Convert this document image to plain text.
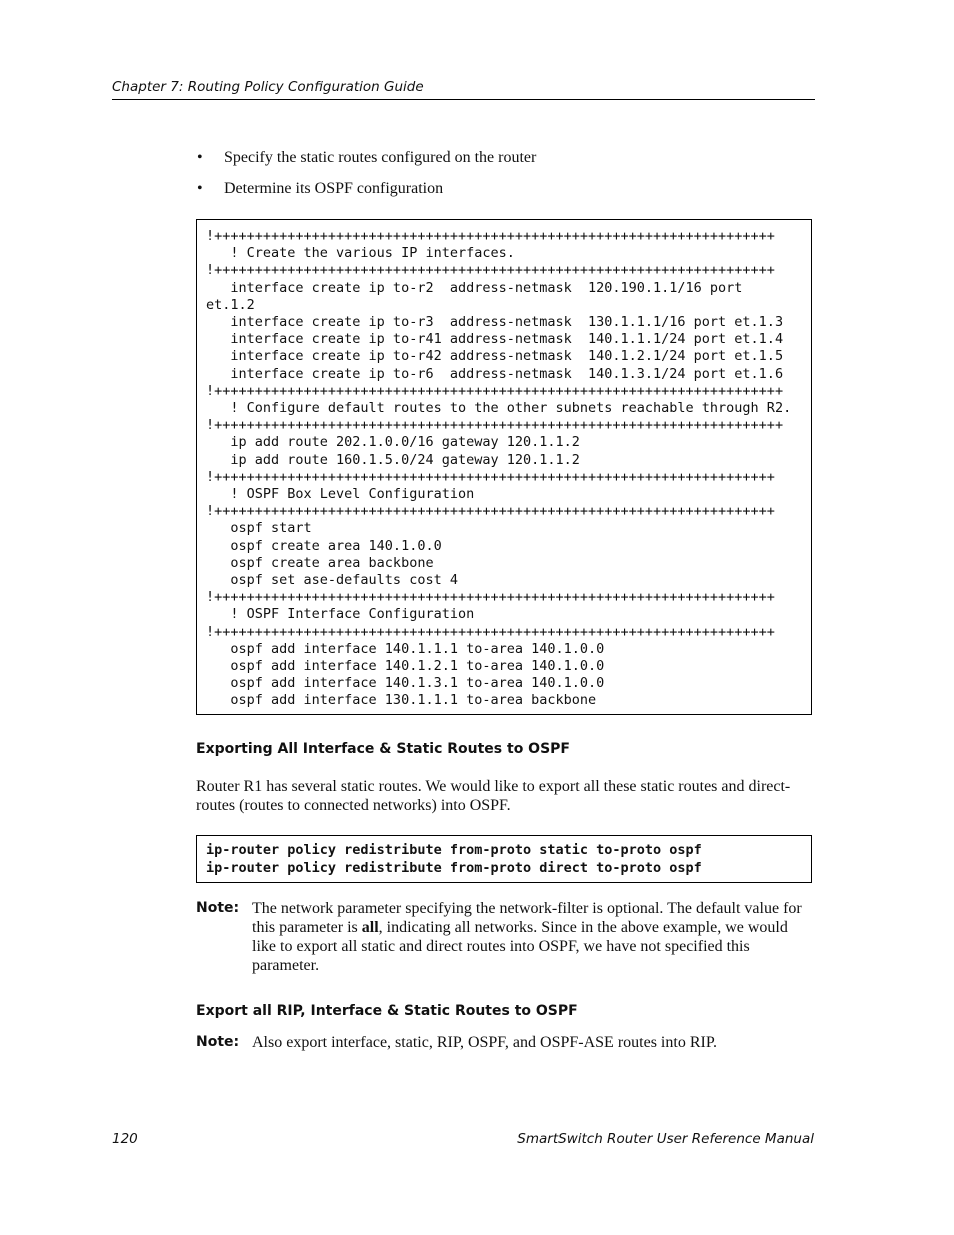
Chapter 7: Routing Policy Configuration Guide
• Specify the static routes configured on the router
• Determine its OSPF configuration
!+++++++++++++++++++++++++++++++++++++++++++++++++++++++++++++++++++++
! Create the various IP interfaces.
!+++++++++++++++++++++++++++++++++++++++++++++++++++++++++++++++++++++
interface create ip to-r2  address-netmask  120.190.1.1/16 port
et.1.2
interface create ip to-r3  address-netmask  130.1.1.1/16 port et.1.3
interface create ip to-r41 address-netmask  140.1.1.1/24 port et.1.4
interface create ip to-r42 address-netmask  140.1.2.1/24 port et.1.5
interface create ip to-r6  address-netmask  140.1.3.1/24 port et.1.6
!++++++++++++++++++++++++++++++++++++++++++++++++++++++++++++++++++++++
! Configure default routes to the other subnets reachable through R2.
!++++++++++++++++++++++++++++++++++++++++++++++++++++++++++++++++++++++
ip add route 202.1.0.0/16 gateway 120.1.1.2
ip add route 160.1.5.0/24 gateway 120.1.1.2
!+++++++++++++++++++++++++++++++++++++++++++++++++++++++++++++++++++++
! OSPF Box Level Configuration
!+++++++++++++++++++++++++++++++++++++++++++++++++++++++++++++++++++++
ospf start
ospf create area 140.1.0.0
ospf create area backbone
ospf set ase-defaults cost 4
!+++++++++++++++++++++++++++++++++++++++++++++++++++++++++++++++++++++
! OSPF Interface Configuration
!+++++++++++++++++++++++++++++++++++++++++++++++++++++++++++++++++++++
ospf add interface 140.1.1.1 to-area 140.1.0.0
ospf add interface 140.1.2.1 to-area 140.1.0.0
ospf add interface 140.1.3.1 to-area 140.1.0.0
ospf add interface 130.1.1.1 to-area backbone
Exporting All Interface & Static Routes to OSPF
Router R1 has several static routes. We would like to export all these static routes and direct-routes (routes to connected networks) into OSPF.
ip-router policy redistribute from-proto static to-proto ospf
ip-router policy redistribute from-proto direct to-proto ospf
Note: The network parameter specifying the network-filter is optional. The default value for this parameter is all, indicating all networks. Since in the above example, we would like to export all static and direct routes into OSPF, we have not specified this parameter.
Export all RIP, Interface & Static Routes to OSPF
Note: Also export interface, static, RIP, OSPF, and OSPF-ASE routes into RIP.
120	SmartSwitch Router User Reference Manual
